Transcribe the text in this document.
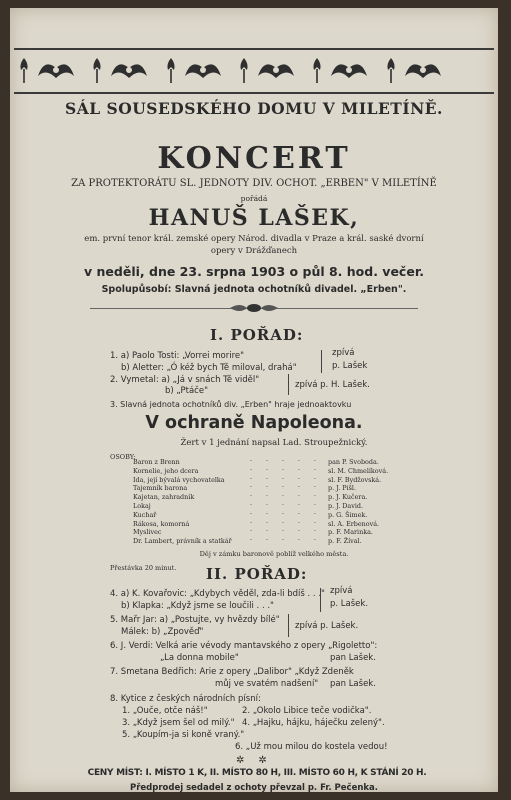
SÁL SOUSEDSKÉHO DOMU V MILETÍNĚ.
KONCERT
ZA PROTEKTORÁTU SL. JEDNOTY DIV. OCHOT. „ERBEN" V MILETÍNĚ
pořádá
HANUŠ LAŠEK,
em. první tenor král. zemské opery Národ. divadla v Praze a král. saské dvorní
opery v Drážďanech
v neděli, dne 23. srpna 1903 o půl 8. hod. večer.
Spolupůsobí: Slavná jednota ochotníků divadel. „Erben".
I. POŘAD:
1. a) Paolo Tosti: „Vorrei morire"
b) Aletter: „Ó kéž bych Tě miloval, drahá"
zpívá
p. Lašek
2. Vymetal: a) „Já v snách Tě viděl"
b) „Ptáče"
zpívá p. H. Lašek.
3. Slavná jednota ochotníků div. „Erben" hraje jednoaktovku
V ochraně Napoleona.
Žert v 1 jednání napsal Lad. Stroupežnický.
OSOBY:
Baron z Brenn	- - - - - pan P. Svoboda.
Kornelie, jeho dcera	- - - - - sl. M. Chmelíková.
Ida, její bývalá vychovatelka	- - - - - sl. F. Bydžovská.
Tajemník barona	- - - - - p. J. Pišl.
Kajetan, zahradník	- - - - - p. J. Kučera.
Lokaj	- - - - - p. J. David.
Kuchař	- - - - - p. G. Šimek.
Rákosa, komorná	- - - - - sl. A. Erbenová.
Myslivec	- - - - - p. F. Marinka.
Dr. Lambert, právník a statkář	- - - - - p. F. Žíval.
Děj v zámku baronově poblíž velkého města.
Přestávka 20 minut. II. POŘAD:
4. a) K. Kovařovic: „Kdybych věděl, zda-li bdíš . . ."
b) Klapka: „Když jsme se loučili . . ."
zpívá
p. Lašek.
5. Mařr Jar: a) „Postujte, vy hvězdy bílé"
Málek: b) „Zpověď"
zpívá p. Lašek.
6. J. Verdi: Velká arie vévody mantavského z opery „Rigoletto":
„La donna mobile"	pan Lašek.
7. Smetana Bedřich: Arie z opery „Dalibor" „Když Zdeněk
můj ve svatém nadšení" pan Lašek.
8. Kytice z českých národních písní:
1. „Ouče, otče náš!"	2. „Okolo Libice teče vodička".
3. „Když jsem šel od milý." 4. „Hajku, hájku, háječku zelený".
5. „Koupím-ja si koně vraný."
6. „Už mou milou do kostela vedou!
✲✲
CENY MÍST: I. MÍSTO 1 K, II. MÍSTO 80 H, III. MÍSTO 60 H, K STÁNÍ 20 H.
Předprodej sedadel z ochoty převzal p. Fr. Pečenka.
